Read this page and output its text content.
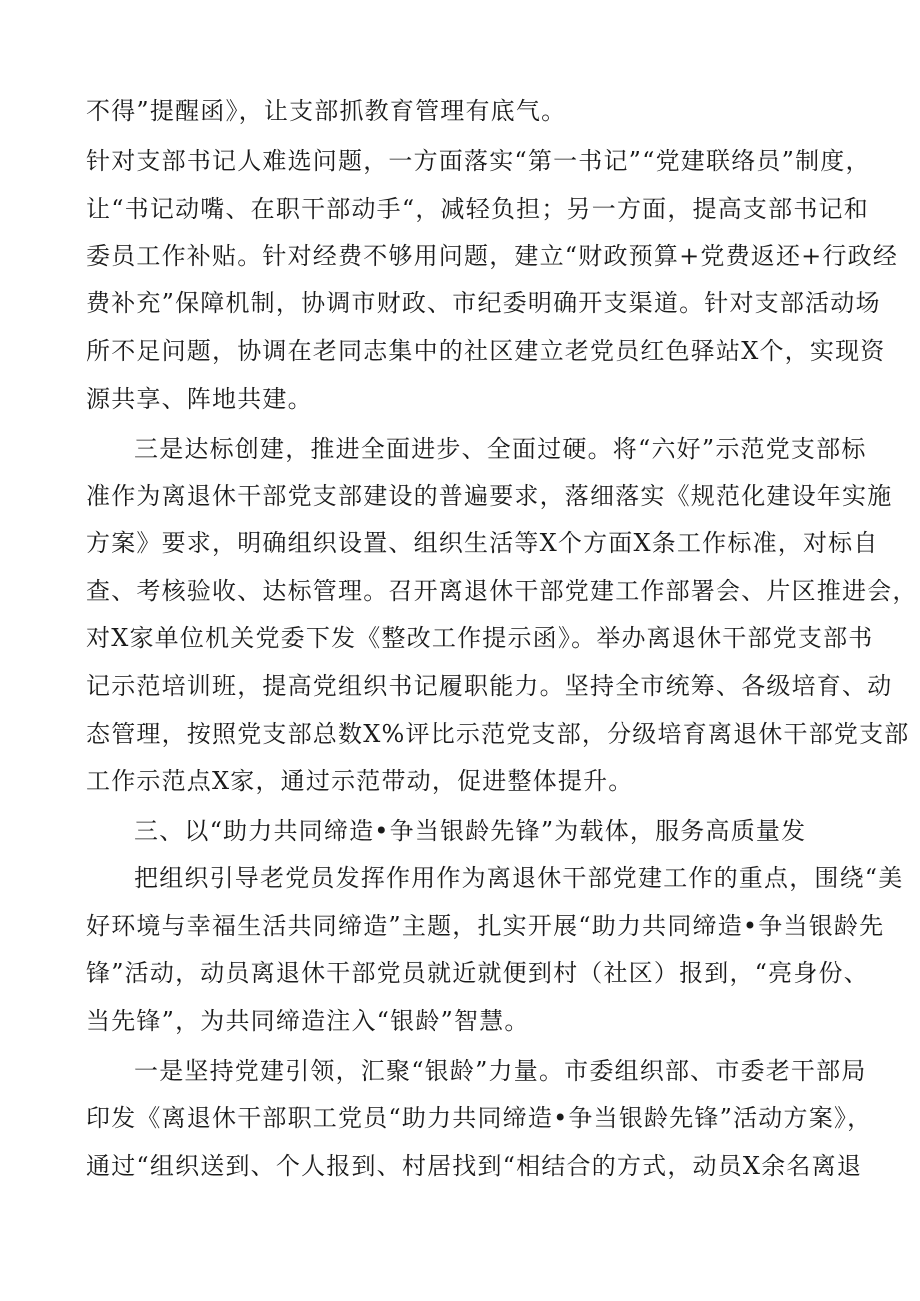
不得”提醒函》，让支部抓教育管理有底气。
针对支部书记人难选问题，一方面落实“第一书记”“党建联络员”制度，
让“书记动嘴、在职干部动手“，减轻负担；另一方面，提高支部书记和
委员工作补贴。针对经费不够用问题，建立“财政预算+党费返还+行政经
费补充”保障机制，协调市财政、市纪委明确开支渠道。针对支部活动场
所不足问题，协调在老同志集中的社区建立老党员红色驿站X个，实现资
源共享、阵地共建。
三是达标创建，推进全面进步、全面过硬。将“六好”示范党支部标
准作为离退休干部党支部建设的普遍要求，落细落实《规范化建设年实施
方案》要求，明确组织设置、组织生活等X个方面X条工作标准，对标自
查、考核验收、达标管理。召开离退休干部党建工作部署会、片区推进会，
对X家单位机关党委下发《整改工作提示函》。举办离退休干部党支部书
记示范培训班，提高党组织书记履职能力。坚持全市统筹、各级培育、动
态管理，按照党支部总数X%评比示范党支部，分级培育离退休干部党支部
工作示范点X家，通过示范带动，促进整体提升。
三、以“助力共同缔造•争当银龄先锋”为载体，服务高质量发
把组织引导老党员发挥作用作为离退休干部党建工作的重点，围绕“美
好环境与幸福生活共同缔造”主题，扎实开展“助力共同缔造•争当银龄先
锋”活动，动员离退休干部党员就近就便到村（社区）报到，“亮身份、
当先锋”，为共同缔造注入“银龄”智慧。
一是坚持党建引领，汇聚“银龄”力量。市委组织部、市委老干部局
印发《离退休干部职工党员“助力共同缔造•争当银龄先锋”活动方案》，
通过“组织送到、个人报到、村居找到“相结合的方式，动员X余名离退
